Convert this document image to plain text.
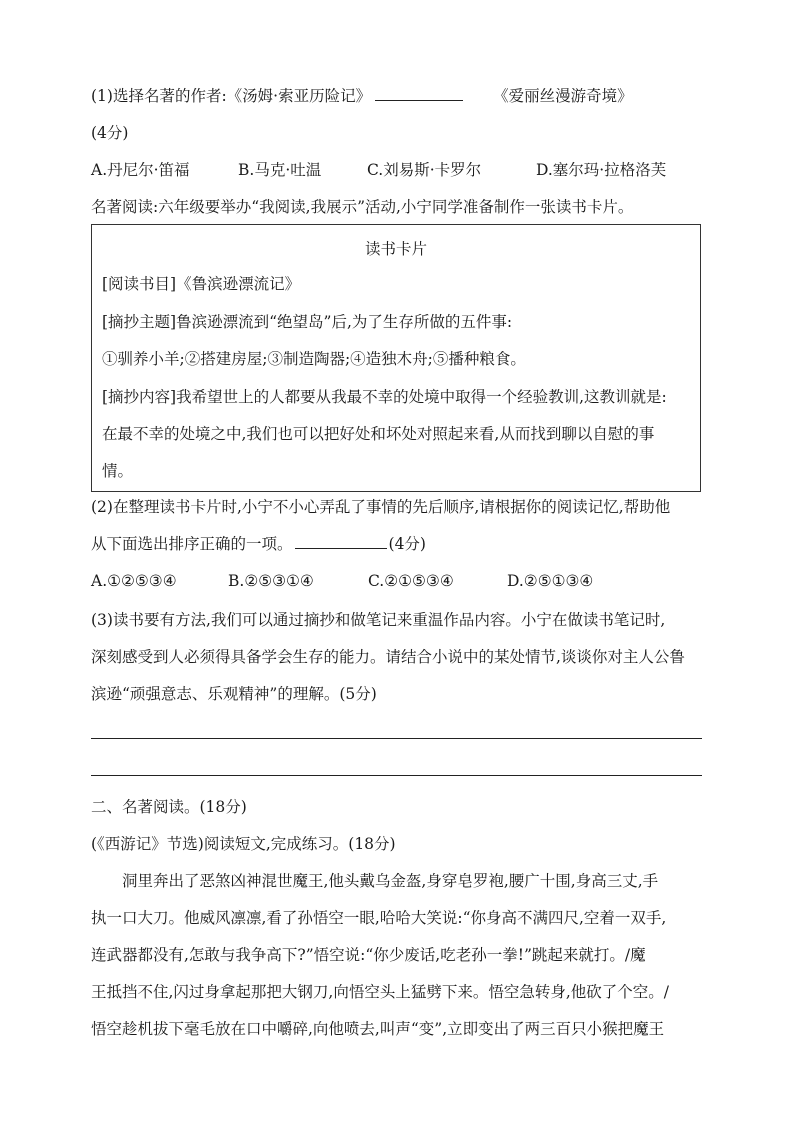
(1)选择名著的作者:《汤姆·索亚历险记》	《爱丽丝漫游奇境》
(4分)
A.丹尼尔·笛福	B.马克·吐温	C.刘易斯·卡罗尔	D.塞尔玛·拉格洛芙
名著阅读:六年级要举办“我阅读,我展示”活动,小宁同学准备制作一张读书卡片。
读书卡片
[阅读书目]《鲁滨逊漂流记》
[摘抄主题]鲁滨逊漂流到“绝望岛”后,为了生存所做的五件事:
①驯养小羊;②搭建房屋;③制造陶器;④造独木舟;⑤播种粮食。
[摘抄内容]我希望世上的人都要从我最不幸的处境中取得一个经验教训,这教训就是:
在最不幸的处境之中,我们也可以把好处和坏处对照起来看,从而找到聊以自慰的事
情。
(2)在整理读书卡片时,小宁不小心弄乱了事情的先后顺序,请根据你的阅读记忆,帮助他
从下面选出排序正确的一项。	(4分)
A.①②⑤③④	B.②⑤③①④	C.②①⑤③④	D.②⑤①③④
(3)读书要有方法,我们可以通过摘抄和做笔记来重温作品内容。小宁在做读书笔记时,
深刻感受到人必须得具备学会生存的能力。请结合小说中的某处情节,谈谈你对主人公鲁
滨逊“顽强意志、乐观精神”的理解。(5分)
二、名著阅读。(18分)
(《西游记》节选)阅读短文,完成练习。(18分)
洞里奔出了恶煞凶神混世魔王,他头戴乌金盔,身穿皂罗袍,腰广十围,身高三丈,手
执一口大刀。他威风凛凛,看了孙悟空一眼,哈哈大笑说:“你身高不满四尺,空着一双手,
连武器都没有,怎敢与我争高下?”悟空说:“你少废话,吃老孙一拳!”跳起来就打。/魔
王抵挡不住,闪过身拿起那把大钢刀,向悟空头上猛劈下来。悟空急转身,他砍了个空。/
悟空趁机拔下毫毛放在口中嚼碎,向他喷去,叫声“变”,立即变出了两三百只小猴把魔王
